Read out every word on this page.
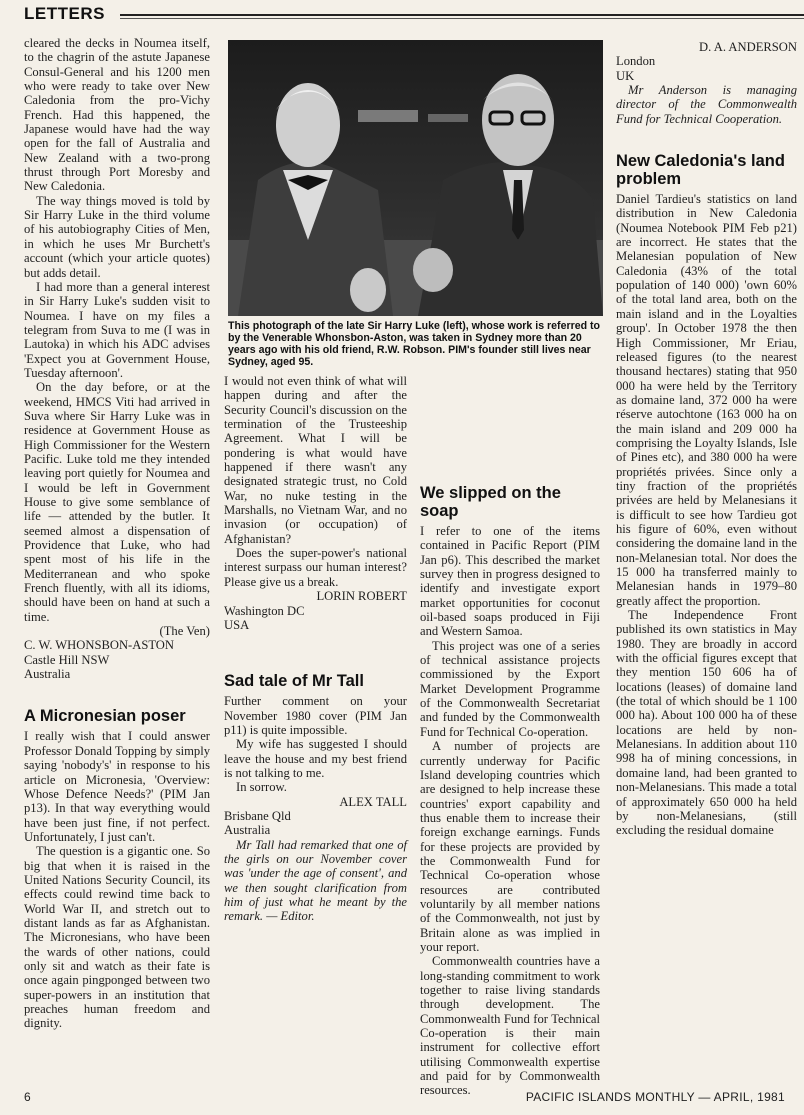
LETTERS

cleared the decks in Noumea itself, to the chagrin of the astute Japanese Consul-General and his 1200 men who were ready to take over New Caledonia from the pro-Vichy French. Had this happened, the Japanese would have had the way open for the fall of Australia and New Zealand with a two-prong thrust through Port Moresby and New Caledonia.

The way things moved is told by Sir Harry Luke in the third volume of his autobiography Cities of Men, in which he uses Mr Burchett's account (which your article quotes) but adds detail.

I had more than a general interest in Sir Harry Luke's sudden visit to Noumea. I have on my files a telegram from Suva to me (I was in Lautoka) in which his ADC advises 'Expect you at Government House, Tuesday afternoon'.

On the day before, or at the weekend, HMCS Viti had arrived in Suva where Sir Harry Luke was in residence at Government House as High Commissioner for the Western Pacific. Luke told me they intended leaving port quietly for Noumea and I would be left in Government House to give some semblance of life — attended by the butler. It seemed almost a dispensation of Providence that Luke, who had spent most of his life in the Mediterranean and who spoke French fluently, with all its idioms, should have been on hand at such a time.

(The Ven)

C. W. WHONSBON-ASTON

Castle Hill NSW

Australia

A Micronesian poser

I really wish that I could answer Professor Donald Topping by simply saying 'nobody's' in response to his article on Micronesia, 'Overview: Whose Defence Needs?' (PIM Jan p13). In that way everything would have been just fine, if not perfect. Unfortunately, I just can't.

The question is a gigantic one. So big that when it is raised in the United Nations Security Council, its effects could rewind time back to World War II, and stretch out to distant lands as far as Afghanistan. The Micronesians, who have been the wards of other nations, could only sit and watch as their fate is once again pingponged between two super-powers in an institution that preaches human freedom and dignity.

This photograph of the late Sir Harry Luke (left), whose work is referred to by the Venerable Whonsbon-Aston, was taken in Sydney more than 20 years ago with his old friend, R.W. Robson. PIM's founder still lives near Sydney, aged 95.

I would not even think of what will happen during and after the Security Council's discussion on the termination of the Trusteeship Agreement. What I will be pondering is what would have happened if there wasn't any designated strategic trust, no Cold War, no nuke testing in the Marshalls, no Vietnam War, and no invasion (or occupation) of Afghanistan?

Does the super-power's national interest surpass our human interest? Please give us a break.

LORIN ROBERT

Washington DC

USA

Sad tale of Mr Tall

Further comment on your November 1980 cover (PIM Jan p11) is quite impossible.

My wife has suggested I should leave the house and my best friend is not talking to me.

In sorrow.

ALEX TALL

Brisbane Qld

Australia

Mr Tall had remarked that one of the girls on our November cover was 'under the age of consent', and we then sought clarification from him of just what he meant by the remark. — Editor.

We slipped on the soap

I refer to one of the items contained in Pacific Report (PIM Jan p6). This described the market survey then in progress designed to identify and investigate export market opportunities for coconut oil-based soaps produced in Fiji and Western Samoa.

This project was one of a series of technical assistance projects commissioned by the Export Market Development Programme of the Commonwealth Secretariat and funded by the Commonwealth Fund for Technical Co-operation.

A number of projects are currently underway for Pacific Island developing countries which are designed to help increase these countries' export capability and thus enable them to increase their foreign exchange earnings. Funds for these projects are provided by the Commonwealth Fund for Technical Co-operation whose resources are contributed voluntarily by all member nations of the Commonwealth, not just by Britain alone as was implied in your report.

Commonwealth countries have a long-standing commitment to work together to raise living standards through development. The Commonwealth Fund for Technical Co-operation is their main instrument for collective effort utilising Commonwealth expertise and paid for by Commonwealth resources.

D. A. ANDERSON

London

UK

Mr Anderson is managing director of the Commonwealth Fund for Technical Cooperation.

New Caledonia's land problem

Daniel Tardieu's statistics on land distribution in New Caledonia (Noumea Notebook PIM Feb p21) are incorrect. He states that the Melanesian population of New Caledonia (43% of the total population of 140 000) 'own 60% of the total land area, both on the main island and in the Loyalties group'. In October 1978 the then High Commissioner, Mr Eriau, released figures (to the nearest thousand hectares) stating that 950 000 ha were held by the Territory as domaine land, 372 000 ha were réserve autochtone (163 000 ha on the main island and 209 000 ha comprising the Loyalty Islands, Isle of Pines etc), and 380 000 ha were propriétés privées. Since only a tiny fraction of the propriétés privées are held by Melanesians it is difficult to see how Tardieu got his figure of 60%, even without considering the domaine land in the non-Melanesian total. Nor does the 15 000 ha transferred mainly to Melanesian hands in 1979–80 greatly affect the proportion.

The Independence Front published its own statistics in May 1980. They are broadly in accord with the official figures except that they mention 150 606 ha of locations (leases) of domaine land (the total of which should be 1 100 000 ha). About 100 000 ha of these locations are held by non-Melanesians. In addition about 110 998 ha of mining concessions, in domaine land, had been granted to non-Melanesians. This made a total of approximately 650 000 ha held by non-Melanesians, (still excluding the residual domaine

6	PACIFIC ISLANDS MONTHLY — APRIL, 1981
